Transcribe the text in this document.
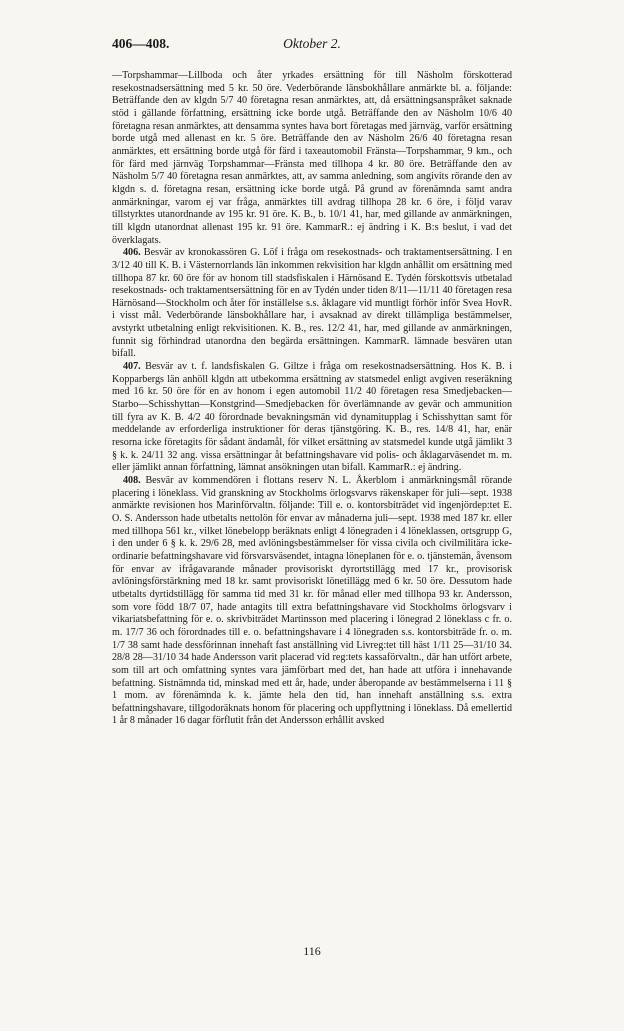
406—408.	Oktober 2.

—Torpshammar—Lillboda och åter yrkades ersättning för till Näsholm förskotterad resekostnadsersättning med 5 kr. 50 öre. Vederbörande länsbokhållare anmärkte bl. a. följande: Beträffande den av klgdn 5/7 40 företagna resan anmärktes, att, då ersättningsanspråket saknade stöd i gällande författning, ersättning icke borde utgå. Beträffande den av Näsholm 10/6 40 företagna resan anmärktes, att densamma syntes hava bort företagas med järnväg, varför ersättning borde utgå med allenast en kr. 5 öre. Beträffande den av Näsholm 26/6 40 företagna resan anmärktes, ett ersättning borde utgå för färd i taxeautomobil Fränsta—Torpshammar, 9 km., och för färd med järnväg Torpshammar—Fränsta med tillhopa 4 kr. 80 öre. Beträffande den av Näsholm 5/7 40 företagna resan anmärktes, att, av samma anledning, som angivits rörande den av klgdn s. d. företagna resan, ersättning icke borde utgå. På grund av förenämnda samt andra anmärkningar, varom ej var fråga, anmärktes till avdrag tillhopa 28 kr. 6 öre, i följd varav tillstyrktes utanordnande av 195 kr. 91 öre. K. B., b. 10/1 41, har, med gillande av anmärkningen, till klgdn utanordnat allenast 195 kr. 91 öre. KammarR.: ej ändring i K. B:s beslut, i vad det överklagats.

406. Besvär av kronokassören G. Löf i fråga om resekostnads- och traktamentsersättning. I en 3/12 40 till K. B. i Västernorrlands län inkommen rekvisition har klgdn anhållit om ersättning med tillhopa 87 kr. 60 öre för av honom till stadsfiskalen i Härnösand E. Tydén förskottsvis utbetalad resekostnads- och traktamentsersättning för en av Tydén under tiden 8/11—11/11 40 företagen resa Härnösand—Stockholm och åter för inställelse s.s. åklagare vid muntligt förhör inför Svea HovR. i visst mål. Vederbörande länsbokhållare har, i avsaknad av direkt tillämpliga bestämmelser, avstyrkt utbetalning enligt rekvisitionen. K. B., res. 12/2 41, har, med gillande av anmärkningen, funnit sig förhindrad utanordna den begärda ersättningen. KammarR. lämnade besvären utan bifall.

407. Besvär av t. f. landsfiskalen G. Giltze i fråga om resekostnadsersättning. Hos K. B. i Kopparbergs län anhöll klgdn att utbekomma ersättning av statsmedel enligt avgiven reseräkning med 16 kr. 50 öre för en av honom i egen automobil 11/2 40 företagen resa Smedjebacken—Starbo—Schisshyttan—Konstgrind—Smedjebacken för överlämnande av gevär och ammunition till fyra av K. B. 4/2 40 förordnade bevakningsmän vid dynamitupplag i Schisshyttan samt för meddelande av erforderliga instruktioner för deras tjänstgöring. K. B., res. 14/8 41, har, enär resorna icke företagits för sådant ändamål, för vilket ersättning av statsmedel kunde utgå jämlikt 3 § k. k. 24/11 32 ang. vissa ersättningar åt befattningshavare vid polis- och åklagarväsendet m. m. eller jämlikt annan författning, lämnat ansökningen utan bifall. KammarR.: ej ändring.

408. Besvär av kommendören i flottans reserv N. L. Åkerblom i anmärkningsmål rörande placering i löneklass. Vid granskning av Stockholms örlogsvarvs räkenskaper för juli—sept. 1938 anmärkte revisionen hos Marinförvaltn. följande: Till e. o. kontorsbiträdet vid ingenjördep:tet E. O. S. Andersson hade utbetalts nettolön för envar av månaderna juli—sept. 1938 med 187 kr. eller med tillhopa 561 kr., vilket lönebelopp beräknats enligt 4 lönegraden i 4 löneklassen, ortsgrupp G, i den under 6 § k. k. 29/6 28, med avlöningsbestämmelser för vissa civila och civilmilitära icke-ordinarie befattningshavare vid försvarsväsendet, intagna löneplanen för e. o. tjänstemän, åvensom för envar av ifrågavarande månader provisoriskt dyrortstillägg med 17 kr., provisorisk avlöningsförstärkning med 18 kr. samt provisoriskt lönetillägg med 6 kr. 50 öre. Dessutom hade utbetalts dyrtidstillägg för samma tid med 31 kr. för månad eller med tillhopa 93 kr. Andersson, som vore född 18/7 07, hade antagits till extra befattningshavare vid Stockholms örlogsvarv i vikariatsbefattning för e. o. skrivbiträdet Martinsson med placering i lönegrad 2 löneklass c fr. o. m. 17/7 36 och förordnades till e. o. befattningshavare i 4 lönegraden s.s. kontorsbiträde fr. o. m. 1/7 38 samt hade dessförinnan innehaft fast anställning vid Livreg:tet till häst 1/11 25—31/10 34. 28/8 28—31/10 34 hade Andersson varit placerad vid reg:tets kassaförvaltn., där han utfört arbete, som till art och omfattning syntes vara jämförbart med det, han hade att utföra i innehavande befattning. Sistnämnda tid, minskad med ett år, hade, under åberopande av bestämmelserna i 11 § 1 mom. av förenämnda k. k. jämte hela den tid, han innehaft anställning s.s. extra befattningshavare, tillgodoräknats honom för placering och uppflyttning i löneklass. Då emellertid 1 år 8 månader 16 dagar förflutit från det Andersson erhållit avsked

116
